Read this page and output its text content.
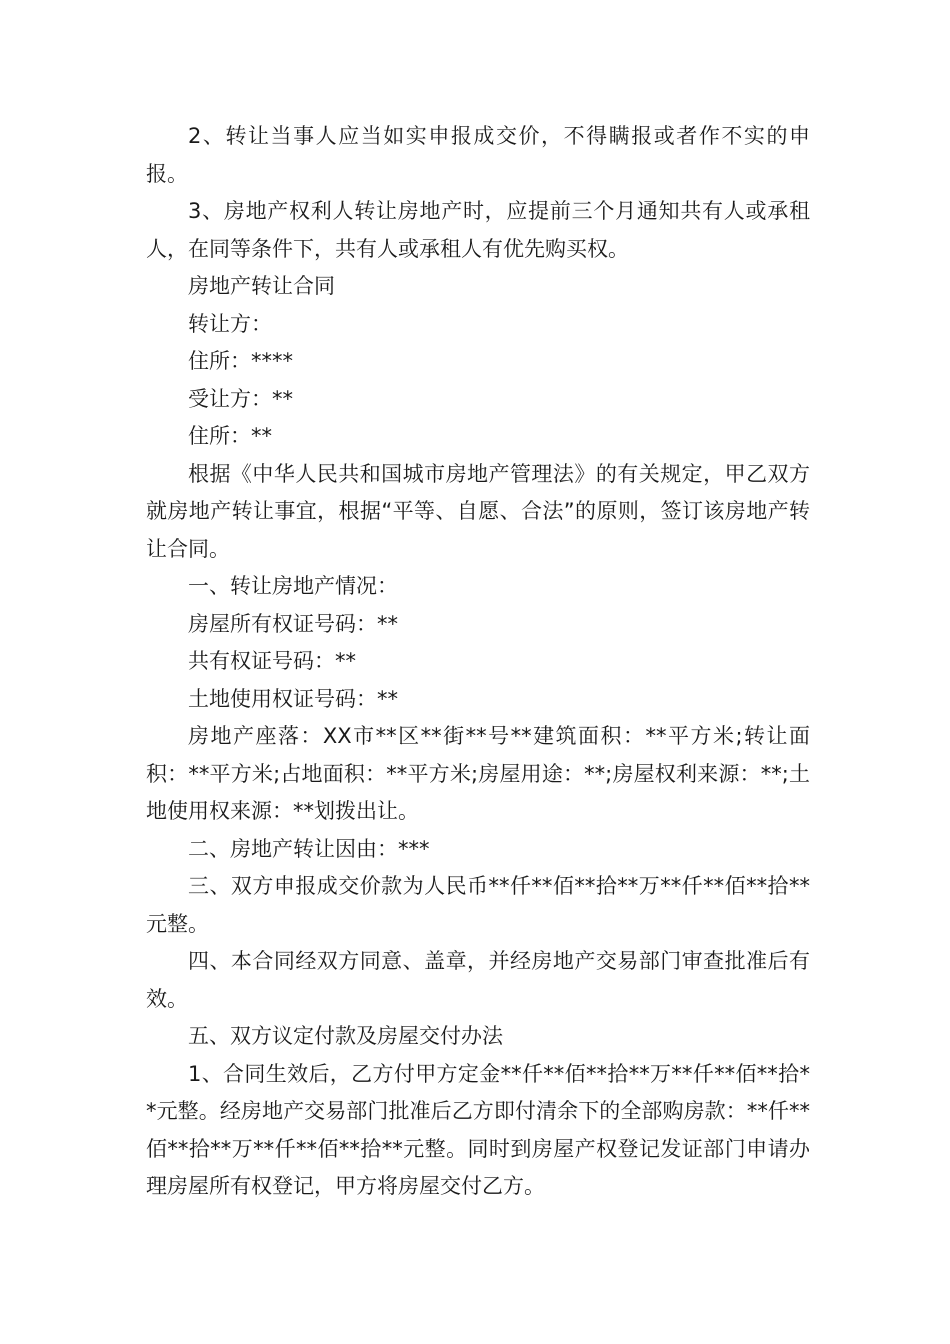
2、转让当事人应当如实申报成交价，不得瞒报或者作不实的申报。

3、房地产权利人转让房地产时，应提前三个月通知共有人或承租人，在同等条件下，共有人或承租人有优先购买权。

房地产转让合同

转让方：

住所：****

受让方：**

住所：**

根据《中华人民共和国城市房地产管理法》的有关规定，甲乙双方就房地产转让事宜，根据“平等、自愿、合法”的原则，签订该房地产转让合同。

一、转让房地产情况：

房屋所有权证号码：**

共有权证号码：**

土地使用权证号码：**

房地产座落：XX市**区**街**号**建筑面积：**平方米;转让面积：**平方米;占地面积：**平方米;房屋用途：**;房屋权利来源：**;土地使用权来源：**划拨出让。

二、房地产转让因由：***

三、双方申报成交价款为人民币**仟**佰**拾**万**仟**佰**拾**元整。

四、本合同经双方同意、盖章，并经房地产交易部门审查批准后有效。

五、双方议定付款及房屋交付办法

1、合同生效后，乙方付甲方定金**仟**佰**拾**万**仟**佰**拾**元整。经房地产交易部门批准后乙方即付清余下的全部购房款：**仟**佰**拾**万**仟**佰**拾**元整。同时到房屋产权登记发证部门申请办理房屋所有权登记，甲方将房屋交付乙方。
